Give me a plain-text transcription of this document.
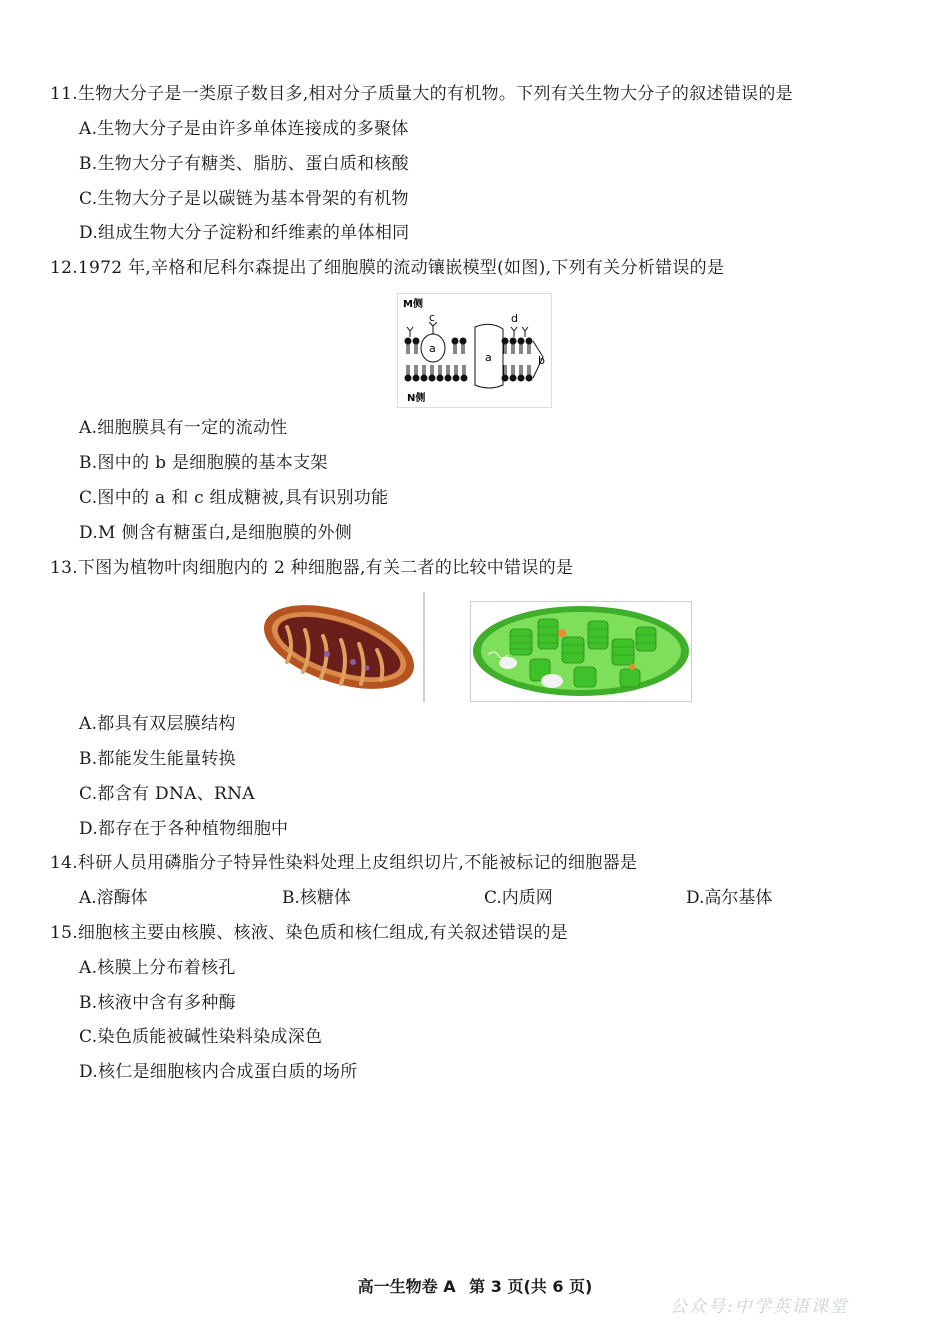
11.生物大分子是一类原子数目多,相对分子质量大的有机物。下列有关生物大分子的叙述错误的是
A.生物大分子是由许多单体连接成的多聚体
B.生物大分子有糖类、脂肪、蛋白质和核酸
C.生物大分子是以碳链为基本骨架的有机物
D.组成生物大分子淀粉和纤维素的单体相同
12.1972 年,辛格和尼科尔森提出了细胞膜的流动镶嵌模型(如图),下列有关分析错误的是
M侧
N侧
a
a	b
c	d
A.细胞膜具有一定的流动性
B.图中的 b 是细胞膜的基本支架
C.图中的 a 和 c 组成糖被,具有识别功能
D.M 侧含有糖蛋白,是细胞膜的外侧
13.下图为植物叶肉细胞内的 2 种细胞器,有关二者的比较中错误的是
A.都具有双层膜结构
B.都能发生能量转换
C.都含有 DNA、RNA
D.都存在于各种植物细胞中
14.科研人员用磷脂分子特异性染料处理上皮组织切片,不能被标记的细胞器是
A.溶酶体	B.核糖体	C.内质网	D.高尔基体
15.细胞核主要由核膜、核液、染色质和核仁组成,有关叙述错误的是
A.核膜上分布着核孔
B.核液中含有多种酶
C.染色质能被碱性染料染成深色
D.核仁是细胞核内合成蛋白质的场所
高一生物卷 A 第 3 页(共 6 页)
公众号:中学英语课堂
